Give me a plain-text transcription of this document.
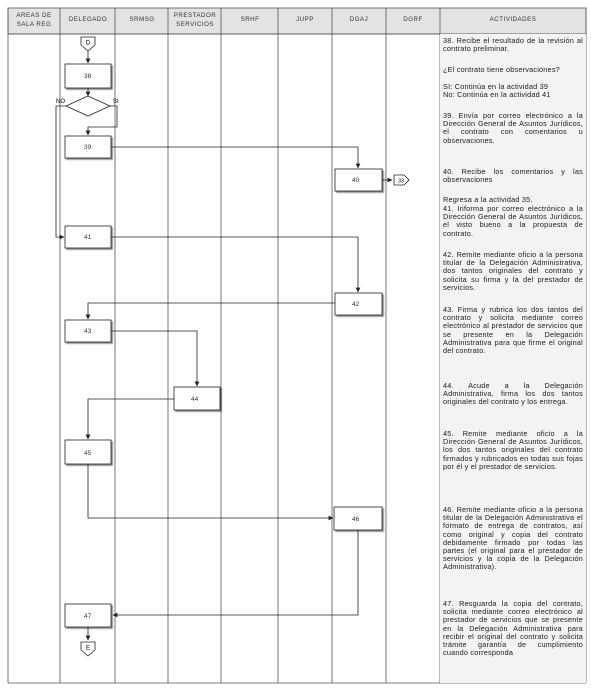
AREAS DE
SALA REG
DELEGADO	SRMSG
PRESTADOR
SERVICIOS
SRHF	JUPP	DGAJ	DGRF	ACTIVIDADES
D
E
33
NO	SI
38
39
40
41
42
43
44
45
46
47
38. Recibe el resultado de la revisión al contrato preliminar.
¿El contrato tiene observaciones?
SI: Continúa en la actividad 39
No: Continúa en la actividad 41
39. Envía por correo electrónico a la Dirección General de Asuntos Jurídicos, el contrato con comentarios u observaciones.
40. Recibe los comentarios y las observaciones
Regresa a la actividad 35.
41. Informa por correo electrónico a la Dirección General de Asuntos Jurídicos, el visto bueno a la propuesta de contrato.
42. Remite mediante oficio a la persona titular de la Delegación Administrativa, dos tantos originales del contrato y solicita su firma y la del prestador de servicios.
43. Firma y rubrica los dos tantos del contrato y solicita mediante correo electrónico al prestador de servicios que se presente en la Delegación Administrativa para que firme el original del contrato.
44. Acude a la Delegación Administrativa, firma los dos tantos originales del contrato y los entrega.
45. Remite mediante oficio a la Dirección General de Asuntos Jurídicos, los dos tantos originales del contrato firmados y rubricados en todas sus fojas por él y el prestador de servicios.
46. Remite mediante oficio a la persona titular de la Delegación Administrativa el formato de entrega de contratos, así como original y copia del contrato debidamente firmado por todas las partes (el original para el prestador de servicios y la copia de la Delegación Administrativa).
47. Resguarda la copia del contrato, solicita mediante correo electrónico al prestador de servicios que se presente en la Delegación Administrativa para recibir el original del contrato y solicita trámite garantía de cumplimiento cuando corresponda
